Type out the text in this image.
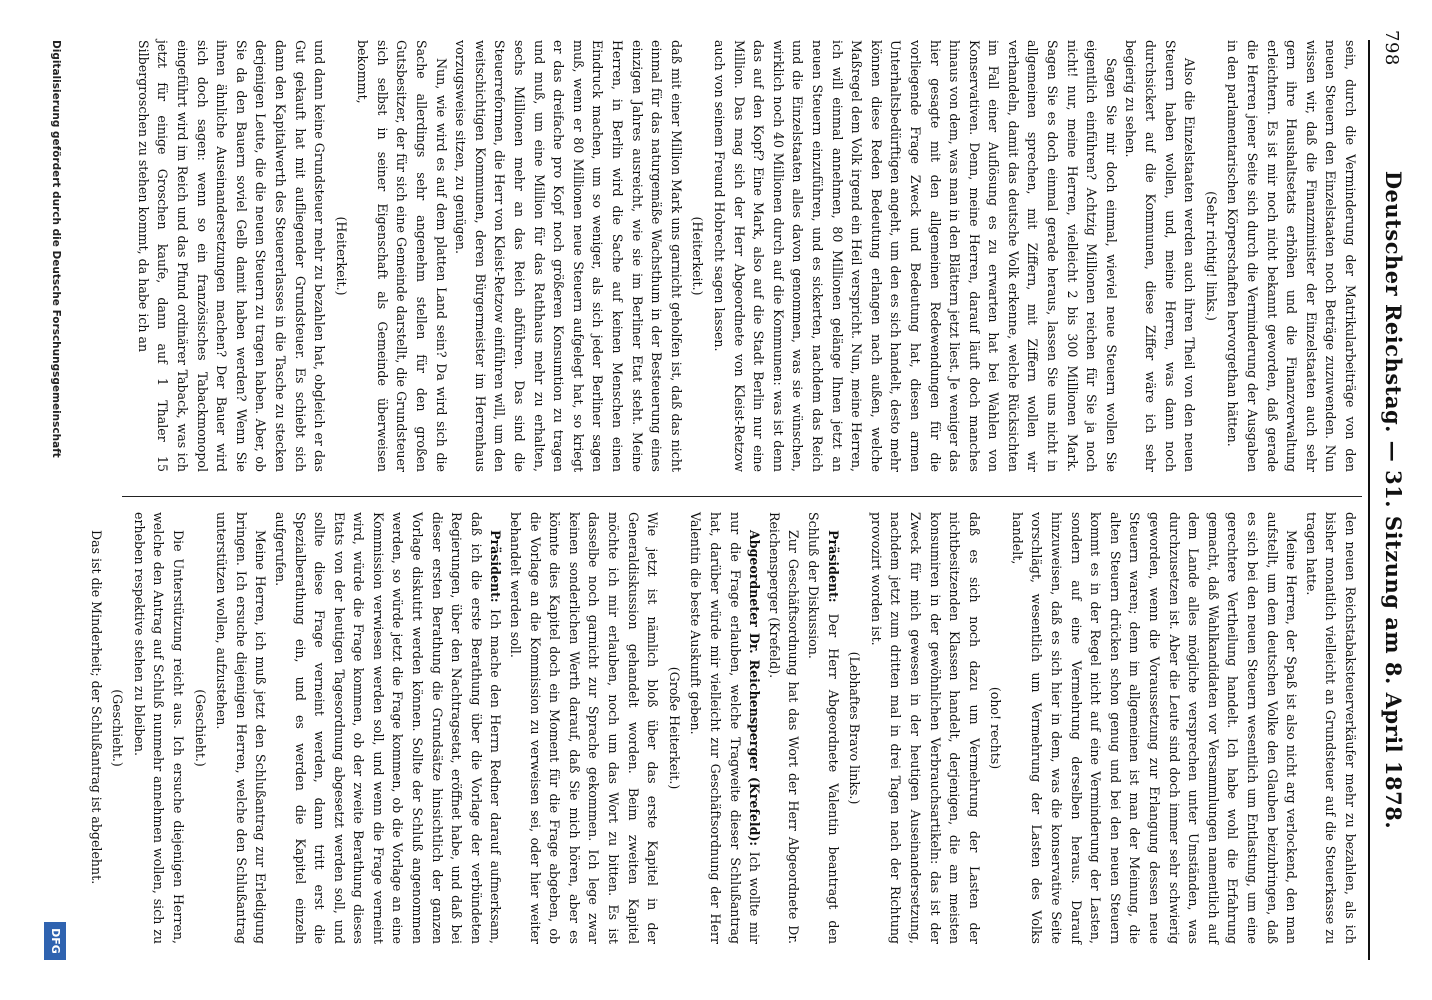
798
Deutscher Reichstag. — 31. Sitzung am 8. April 1878.

sein, durch die Verminderung der Matrikularbeiträge von den neuen Steuern den Einzelstaaten noch Beträge zuzuwenden. Nun wissen wir, daß die Finanzminister der Einzelstaaten auch sehr gern ihre Haushaltsetats erhöhen und die Finanzverwaltung erleichtern. Es ist mir noch nicht bekannt geworden, daß gerade die Herren jener Seite sich durch die Verminderung der Ausgaben in den parlamentarischen Körperschaften hervorgethan hätten.

(Sehr richtig! links.)

Also die Einzelstaaten werden auch ihren Theil von den neuen Steuern haben wollen, und, meine Herren, was dann noch durchsickert auf die Kommunen, diese Ziffer wäre ich sehr begierig zu sehen.

Sagen Sie mir doch einmal, wieviel neue Steuern wollen Sie eigentlich einführen? Achtzig Millionen reichen für Sie ja noch nicht! nur, meine Herren, vielleicht 2 bis 300 Millionen Mark. Sagen Sie es doch einmal gerade heraus, lassen Sie uns nicht in allgemeinen sprechen, mit Ziffern, mit Ziffern wollen wir verhandeln, damit das deutsche Volk erkenne, welche Rücksichten im Fall einer Auflösung es zu erwarten hat bei Wahlen von Konservativen. Denn, meine Herren, darauf läuft doch manches hinaus von dem, was man in den Blättern jetzt liest. Je weniger das hier gesagte mit den allgemeinen Redewendungen für die vorliegende Frage Zweck und Bedeutung hat, diesen armen Unterhaltsbedürftigen angeht, um den es sich handelt, desto mehr können diese Reden Bedeutung erlangen nach außen, welche Maßregel dem Volk irgend ein Heil verspricht. Nun, meine Herren, ich will einmal annehmen, 80 Millionen gelänge Ihnen jetzt an neuen Steuern einzuführen, und es sickerten, nachdem das Reich und die Einzelstaaten alles davon genommen, was sie wünschen, wirklich noch 40 Millionen durch auf die Kommunen: was ist denn das auf den Kopf? Eine Mark, also auf die Stadt Berlin nur eine Million. Das mag sich der Herr Abgeordnete von Kleist-Retzow auch von seinem Freund Hobrecht sagen lassen.

(Heiterkeit.)

daß mit einer Million Mark uns garnicht geholfen ist, daß das nicht einmal für das naturgemäße Wachsthum in der Besteuerung eines einzigen Jahres ausreicht, wie sie im Berliner Etat steht. Meine Herren, in Berlin wird die Sache auf keinen Menschen einen Eindruck machen, um so weniger, als sich jeder Berliner sagen muß, wenn er 80 Millionen neue Steuern aufgelegt hat, so kriegt er das dreifache pro Kopf noch größeren Konsumtion zu tragen und muß, um eine Million für das Rathhaus mehr zu erhalten, sechs Millionen mehr an das Reich abführen. Das sind die Steuerreformen, die Herr von Kleist-Retzow einführen will, um den weitschichtigen Kommunen, deren Bürgermeister im Herrenhaus vorzugsweise sitzen, zu genügen.

Nun, wie wird es auf dem platten Land sein? Da wird sich die Sache allerdings sehr angenehm stellen für den großen Gutsbesitzer, der für sich eine Gemeinde darstellt, die Grundsteuer sich selbst in seiner Eigenschaft als Gemeinde überweisen bekommt,

(Heiterkeit.)

und dann keine Grundsteuer mehr zu bezahlen hat, obgleich er das Gut gekauft hat mit aufliegender Grundsteuer. Es schiebt sich dann den Kapitalwerth des Steuererlasses in die Tasche zu stecken derjenigen Leute, die die neuen Steuern zu tragen haben. Aber, ob Sie da den Bauern soviel Gelb damit haben werden? Wenn Sie ihnen ähnliche Auseinandersetzungen machen? Der Bauer wird sich doch sagen: wenn so ein französisches Tabackmonopol eingeführt wird im Reich und das Pfund ordinärer Taback, was ich jetzt für einige Groschen kaufe, dann auf 1 Thaler 15 Silbergroschen zu stehen kommt, da habe ich an

den neuen Reichstabaksteuerverkäufer mehr zu bezahlen, als ich bisher monatlich vielleicht an Grundsteuer auf die Steuerkasse zu tragen hatte.

Meine Herren, der Spaß ist also nicht arg verlockend, den man aufstellt, um dem deutschen Volke den Glauben beizubringen, daß es sich bei den neuen Steuern wesentlich um Entlastung, um eine gerechtere Vertheilung handelt. Ich habe wohl die Erfahrung gemacht, daß Wahlkandidaten vor Versammlungen namentlich auf dem Lande alles mögliche versprechen unter Umständen, was durchzusetzen ist. Aber die Leute sind doch immer sehr schwierig geworden, wenn die Voraussetzung zur Erlangung dessen neue Steuern waren; denn im allgemeinen ist man der Meinung, die alten Steuern drücken schon genug und bei den neuen Steuern kommt es in der Regel nicht auf eine Verminderung der Lasten, sondern auf eine Vermehrung derselben heraus. Darauf hinzuweisen, daß es sich hier in dem, was die konservative Seite vorschlägt, wesentlich um Vermehrung der Lasten des Volks handelt,

(oho! rechts)

daß es sich noch dazu um Vermehrung der Lasten der nichtbesitzenden Klassen handelt, derjenigen, die am meisten konsumiren in der gewöhnlichen Verbrauchsartikeln: das ist der Zweck für mich gewesen in der heutigen Auseinandersetzung, nachdem jetzt zum dritten mal in drei Tagen nach der Richtung provozirt worden ist.

(Lebhaftes Bravo links.)

Präsident: Der Herr Abgeordnete Valentin beantragt den Schluß der Diskussion.

Zur Geschäftsordnung hat das Wort der Herr Abgeordnete Dr. Reichensperger (Krefeld).

Abgeordneter Dr. Reichensperger (Krefeld): Ich wollte mir nur die Frage erlauben, welche Tragweite dieser Schlußantrag hat, darüber würde mir vielleicht zur Geschäftsordnung der Herr Valentin die beste Auskunft geben.

(Große Heiterkeit.)

Wie jetzt ist nämlich bloß über das erste Kapitel in der Generaldiskussion gehandelt worden. Beim zweiten Kapitel möchte ich mir erlauben, noch um das Wort zu bitten. Es ist dasselbe noch garnicht zur Sprache gekommen. Ich lege zwar keinen sonderlichen Werth darauf, daß Sie mich hören, aber es könnte dies Kapitel doch ein Moment für die Frage abgeben, ob die Vorlage an die Kommission zu verweisen sei, oder hier weiter behandelt werden soll.

Präsident: Ich mache den Herrn Redner darauf aufmerksam, daß ich die erste Berathung über die Vorlage der verbündeten Regierungen, über den Nachtragsetat, eröffnet habe, und daß bei dieser ersten Berathung die Grundsätze hinsichtlich der ganzen Vorlage diskutirt werden können. Sollte der Schluß angenommen werden, so würde jetzt die Frage kommen, ob die Vorlage an eine Kommission verwiesen werden soll, und wenn die Frage verneint wird, würde die Frage kommen, ob der zweite Berathung dieses Etats von der heutigen Tagesordnung abgesetzt werden soll, und sollte diese Frage verneint werden, dann tritt erst die Spezialberathung ein, und es werden die Kapitel einzeln aufgerufen.

Meine Herren, ich muß jetzt den Schlußantrag zur Erledigung bringen. Ich ersuche diejenigen Herren, welche den Schlußantrag unterstützen wollen, aufzustehen.

(Geschieht.)

Die Unterstützung reicht aus. Ich ersuche diejenigen Herren, welche den Antrag auf Schluß nunmehr annehmen wollen, sich zu erheben respektive stehen zu bleiben.

(Geschieht.)

Das ist die Minderheit; der Schlußantrag ist abgelehnt.

Digitalisierung gefördert durch die Deutsche Forschungsgemeinschaft
DFG
